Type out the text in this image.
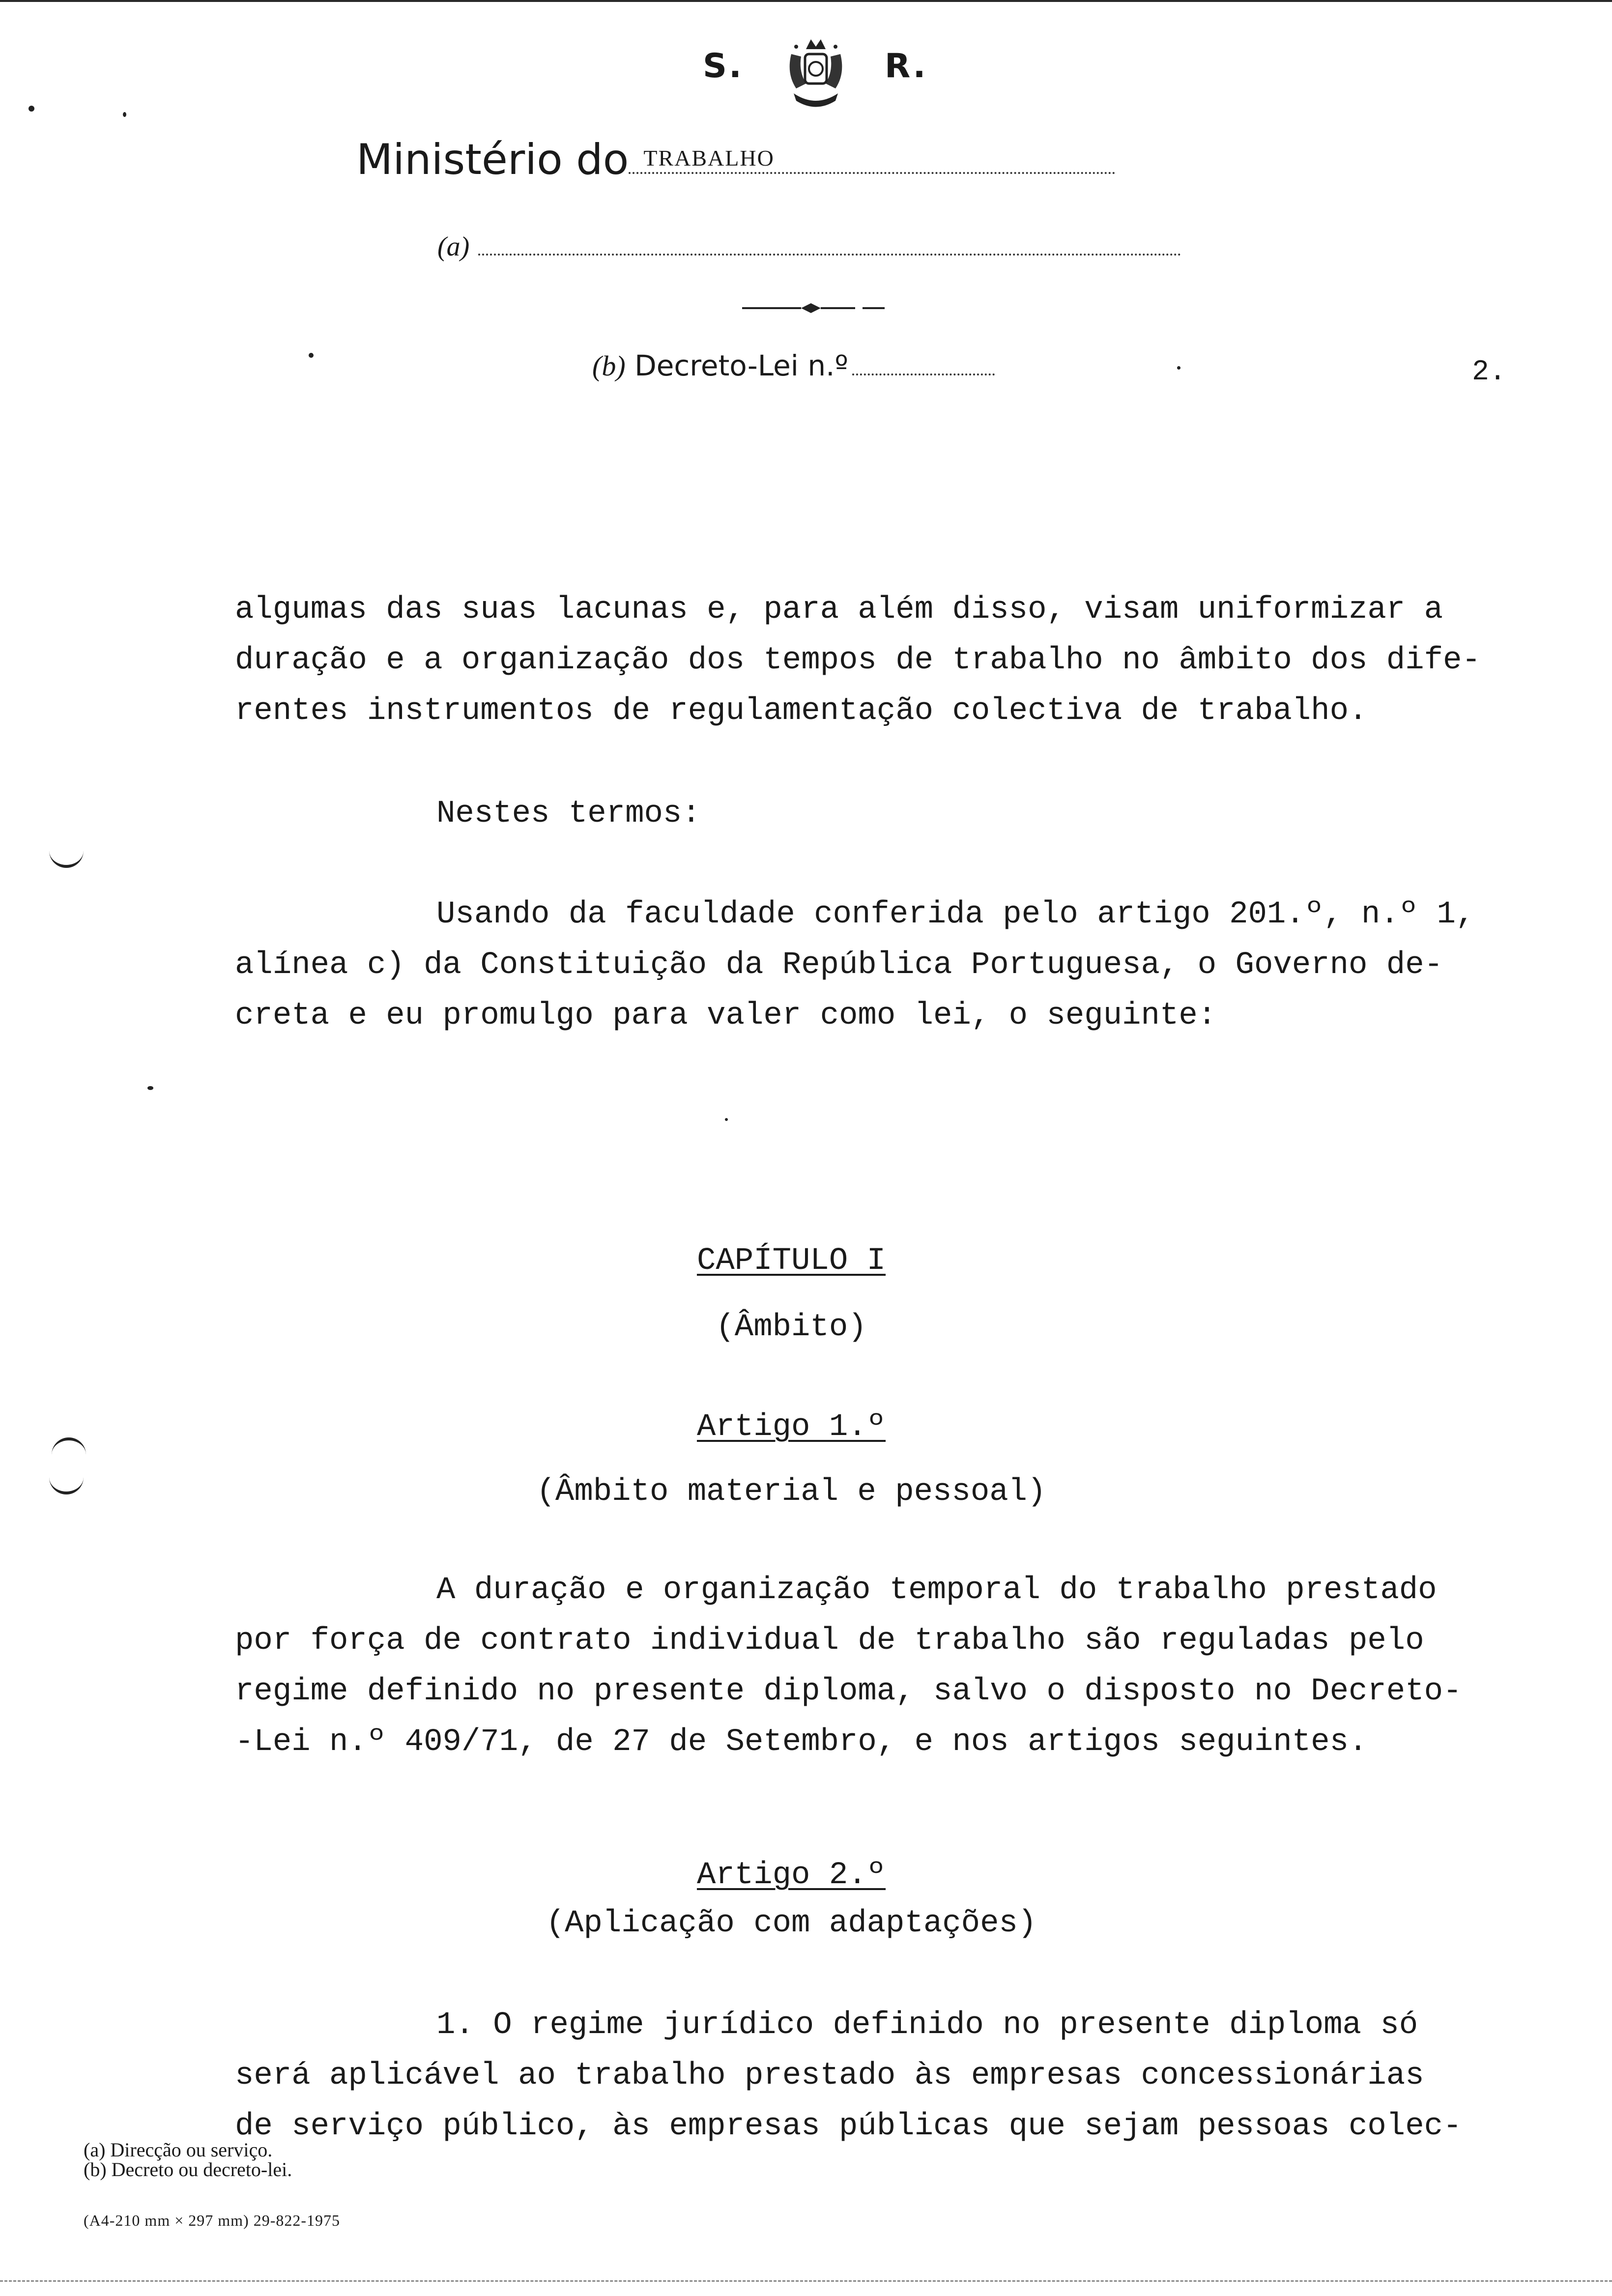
S.	R.
Ministério do TRABALHO
(a)
(b) Decreto-Lei n.º	2.
algumas das suas lacunas e, para além disso, visam uniformizar a
duração e a organização dos tempos de trabalho no âmbito dos dife-
rentes instrumentos de regulamentação colectiva de trabalho.
Nestes termos:
Usando da faculdade conferida pelo artigo 201.º, n.º 1,
alínea c) da Constituição da República Portuguesa, o Governo de-
creta e eu promulgo para valer como lei, o seguinte:
CAPÍTULO I
(Âmbito)
Artigo 1.º
(Âmbito material e pessoal)
A duração e organização temporal do trabalho prestado
por força de contrato individual de trabalho são reguladas pelo
regime definido no presente diploma, salvo o disposto no Decreto-
-Lei n.º 409/71, de 27 de Setembro, e nos artigos seguintes.
Artigo 2.º
(Aplicação com adaptações)
1. O regime jurídico definido no presente diploma só
será aplicável ao trabalho prestado às empresas concessionárias
de serviço público, às empresas públicas que sejam pessoas colec-
(a) Direcção ou serviço.
(b) Decreto ou decreto-lei.
(A4-210 mm × 297 mm) 29-822-1975
